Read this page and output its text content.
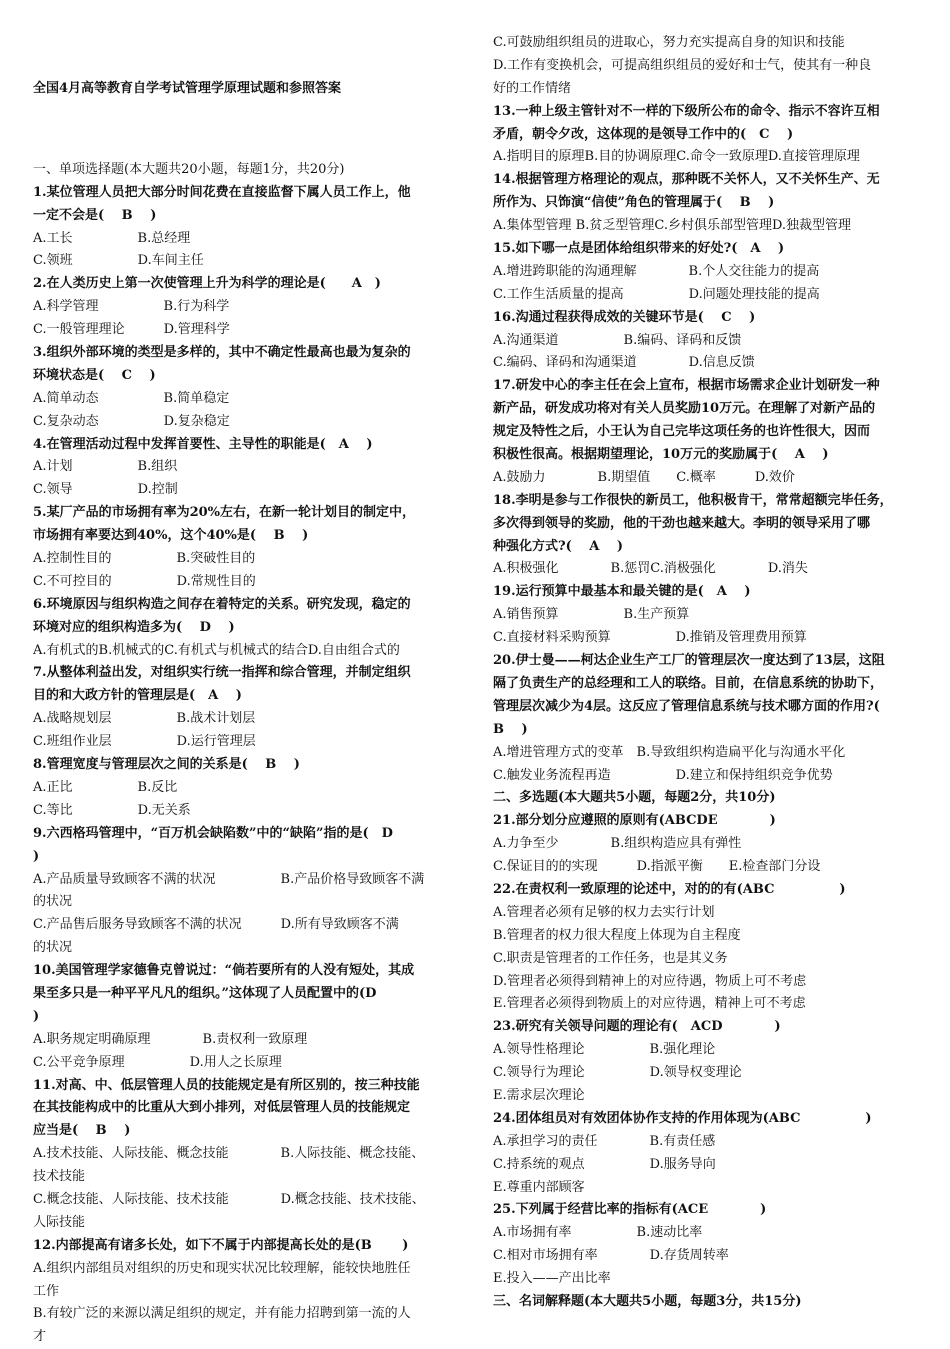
全国4月高等教育自学考试管理学原理试题和参照答案
一、单项选择题(本大题共20小题，每题1分，共20分)
1.某位管理人员把大部分时间花费在直接监督下属人员工作上，他
一定不会是(　 B　 )
A.工长　　　　　B.总经理
C.领班　　　　　D.车间主任
2.在人类历史上第一次使管理上升为科学的理论是(　　A　)
A.科学管理　　　　　B.行为科学
C.一般管理理论　　　D.管理科学
3.组织外部环境的类型是多样的，其中不确定性最高也最为复杂的
环境状态是(　 C　 )
A.简单动态　　　　　B.简单稳定
C.复杂动态　　　　　D.复杂稳定
4.在管理活动过程中发挥首要性、主导性的职能是(　A　 )
A.计划　　　　　B.组织
C.领导　　　　　D.控制
5.某厂产品的市场拥有率为20%左右，在新一轮计划目的制定中，
市场拥有率要达到40%，这个40%是(　 B　 )
A.控制性目的　　　　　B.突破性目的
C.不可控目的　　　　　D.常规性目的
6.环境原因与组织构造之间存在着特定的关系。研究发现，稳定的
环境对应的组织构造多为(　 D　 )
A.有机式的B.机械式的C.有机式与机械式的结合D.自由组合式的
7.从整体利益出发，对组织实行统一指挥和综合管理，并制定组织
目的和大政方针的管理层是(　A　 )
A.战略规划层　　　　　B.战术计划层
C.班组作业层　　　　　D.运行管理层
8.管理宽度与管理层次之间的关系是(　 B　 )
A.正比　　　　　B.反比
C.等比　　　　　D.无关系
9.六西格玛管理中，“百万机会缺陷数”中的“缺陷”指的是(　D
)
A.产品质量导致顾客不满的状况　　　　　B.产品价格导致顾客不满
的状况
C.产品售后服务导致顾客不满的状况　　　D.所有导致顾客不满
的状况
10.美国管理学家德鲁克曾说过：“倘若要所有的人没有短处，其成
果至多只是一种平平凡凡的组织。”这体现了人员配置中的(D
)
A.职务规定明确原理　　　　B.责权利一致原理
C.公平竞争原理　　　　　D.用人之长原理
11.对高、中、低层管理人员的技能规定是有所区别的，按三种技能
在其技能构成中的比重从大到小排列，对低层管理人员的技能规定
应当是(　 B　 )
A.技术技能、人际技能、概念技能　　　　B.人际技能、概念技能、
技术技能
C.概念技能、人际技能、技术技能　　　　D.概念技能、技术技能、
人际技能
12.内部提高有诸多长处，如下不属于内部提高长处的是(B　　 )
A.组织内部组员对组织的历史和现实状况比较理解，能较快地胜任
工作
B.有较广泛的来源以满足组织的规定，并有能力招聘到第一流的人
才
C.可鼓励组织组员的进取心，努力充实提高自身的知识和技能
D.工作有变换机会，可提高组织组员的爱好和士气，使其有一种良
好的工作情绪
13.一种上级主管针对不一样的下级所公布的命令、指示不容许互相
矛盾，朝令夕改，这体现的是领导工作中的(　C　 )
A.指明目的原理B.目的协调原理C.命令一致原理D.直接管理原理
14.根据管理方格理论的观点，那种既不关怀人，又不关怀生产、无
所作为、只饰演“信使”角色的管理属于(　 B　 )
A.集体型管理 B.贫乏型管理C.乡村俱乐部型管理D.独裁型管理
15.如下哪一点是团体给组织带来的好处?(　A　 )
A.增进跨职能的沟通理解　　　　B.个人交往能力的提高
C.工作生活质量的提高　　　　　D.问题处理技能的提高
16.沟通过程获得成效的关键环节是(　 C　 )
A.沟通渠道　　　　　B.编码、译码和反馈
C.编码、译码和沟通渠道　　　　D.信息反馈
17.研发中心的李主任在会上宣布，根据市场需求企业计划研发一种
新产品，研发成功将对有关人员奖励10万元。在理解了对新产品的
规定及特性之后，小王认为自己完毕这项任务的也许性很大，因而
积极性很高。根据期望理论，10万元的奖励属于(　 A　 )
A.鼓励力　　　　B.期望值　　C.概率　　　D.效价
18.李明是参与工作很快的新员工，他积极肯干，常常超额完毕任务，
多次得到领导的奖励，他的干劲也越来越大。李明的领导采用了哪
种强化方式?(　 A　 )
A.积极强化　　　　B.惩罚C.消极强化　　　　D.消失
19.运行预算中最基本和最关键的是(　A　 )
A.销售预算　　　　　B.生产预算
C.直接材料采购预算　　　　　D.推销及管理费用预算
20.伊士曼——柯达企业生产工厂的管理层次一度达到了13层，这阻
隔了负责生产的总经理和工人的联络。目前，在信息系统的协助下，
管理层次减少为4层。这反应了管理信息系统与技术哪方面的作用?(
B　 )
A.增进管理方式的变革　B.导致组织构造扁平化与沟通水平化
C.触发业务流程再造　　　　　D.建立和保持组织竞争优势
二、多选题(本大题共5小题，每题2分，共10分)
21.部分划分应遵照的原则有(ABCDE　　　　)
A.力争至少　　　　B.组织构造应具有弹性
C.保证目的的实现　　　D.指派平衡　　E.检查部门分设
22.在责权利一致原理的论述中，对的的有(ABC　　　　　)
A.管理者必须有足够的权力去实行计划
B.管理者的权力很大程度上体现为自主程度
C.职责是管理者的工作任务，也是其义务
D.管理者必须得到精神上的对应待遇，物质上可不考虑
E.管理者必须得到物质上的对应待遇，精神上可不考虑
23.研究有关领导问题的理论有(　ACD　　　　)
A.领导性格理论　　　　　B.强化理论
C.领导行为理论　　　　　D.领导权变理论
E.需求层次理论
24.团体组员对有效团体协作支持的作用体现为(ABC　　　　　)
A.承担学习的责任　　　　B.有责任感
C.持系统的观点　　　　　D.服务导向
E.尊重内部顾客
25.下列属于经营比率的指标有(ACE　　　　)
A.市场拥有率　　　　　B.速动比率
C.相对市场拥有率　　　　D.存货周转率
E.投入——产出比率
三、名词解释题(本大题共5小题，每题3分，共15分)
